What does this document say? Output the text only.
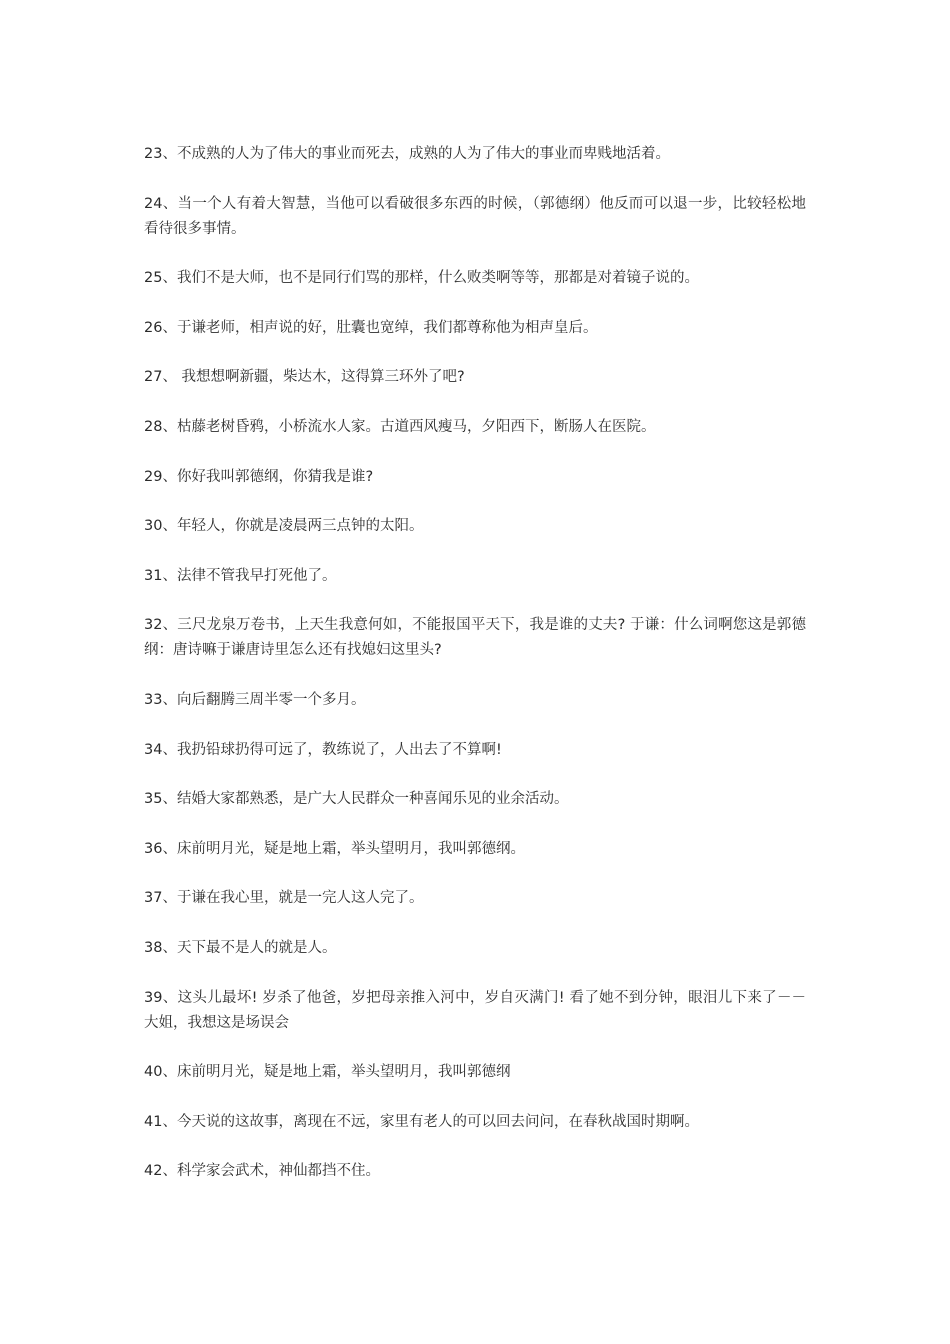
23、不成熟的人为了伟大的事业而死去，成熟的人为了伟大的事业而卑贱地活着。

24、当一个人有着大智慧，当他可以看破很多东西的时候，（郭德纲）他反而可以退一步，比较轻松地看待很多事情。

25、我们不是大师，也不是同行们骂的那样，什么败类啊等等，那都是对着镜子说的。

26、于谦老师，相声说的好，肚囊也宽绰，我们都尊称他为相声皇后。

27、 我想想啊新疆，柴达木，这得算三环外了吧?

28、枯藤老树昏鸦，小桥流水人家。古道西风瘦马，夕阳西下，断肠人在医院。

29、你好我叫郭德纲，你猜我是谁?

30、年轻人，你就是凌晨两三点钟的太阳。

31、法律不管我早打死他了。

32、三尺龙泉万卷书，上天生我意何如，不能报国平天下，我是谁的丈夫? 于谦：什么词啊您这是郭德纲：唐诗嘛于谦唐诗里怎么还有找媳妇这里头?

33、向后翻腾三周半零一个多月。

34、我扔铅球扔得可远了，教练说了，人出去了不算啊!

35、结婚大家都熟悉，是广大人民群众一种喜闻乐见的业余活动。

36、床前明月光，疑是地上霜，举头望明月，我叫郭德纲。

37、于谦在我心里，就是一完人这人完了。

38、天下最不是人的就是人。

39、这头儿最坏! 岁杀了他爸，岁把母亲推入河中，岁自灭满门! 看了她不到分钟，眼泪儿下来了－－大姐，我想这是场误会

40、床前明月光，疑是地上霜，举头望明月，我叫郭德纲

41、今天说的这故事，离现在不远，家里有老人的可以回去问问，在春秋战国时期啊。

42、科学家会武术，神仙都挡不住。
